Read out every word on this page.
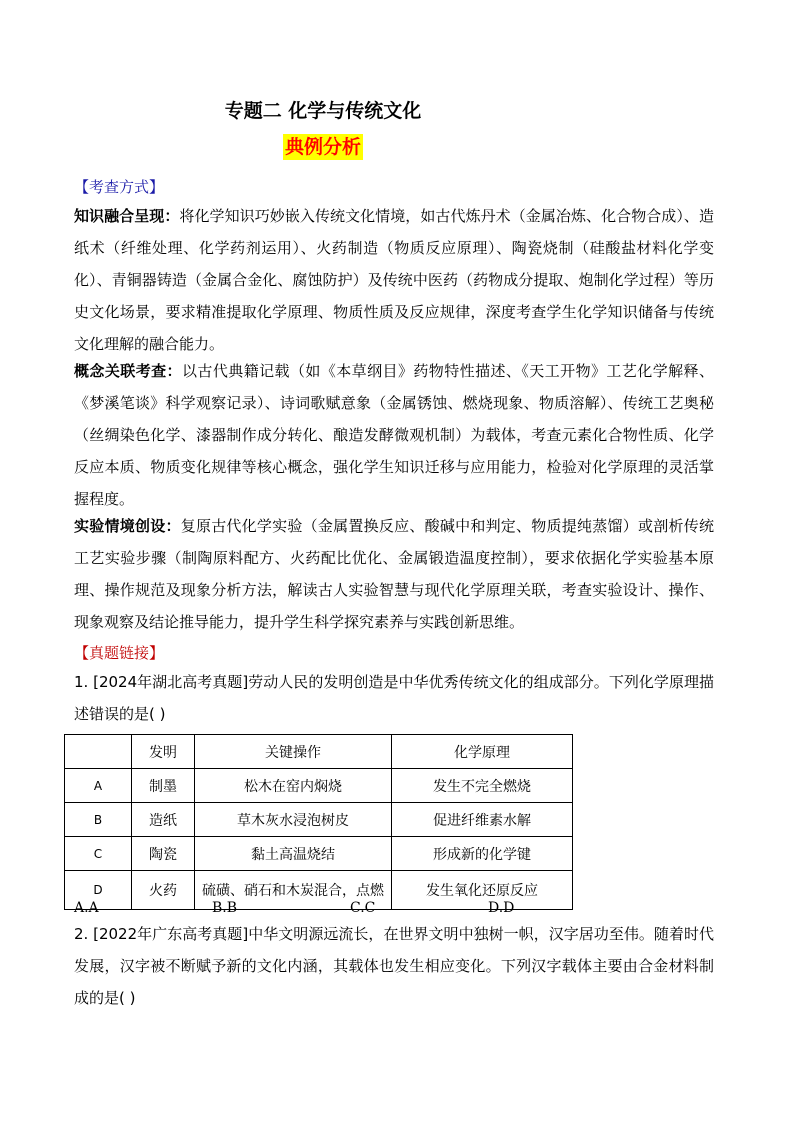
专题二 化学与传统文化
典例分析
【考查方式】
知识融合呈现：将化学知识巧妙嵌入传统文化情境，如古代炼丹术（金属冶炼、化合物合成）、造纸术（纤维处理、化学药剂运用）、火药制造（物质反应原理）、陶瓷烧制（硅酸盐材料化学变化）、青铜器铸造（金属合金化、腐蚀防护）及传统中医药（药物成分提取、炮制化学过程）等历史文化场景，要求精准提取化学原理、物质性质及反应规律，深度考查学生化学知识储备与传统文化理解的融合能力。
概念关联考查：以古代典籍记载（如《本草纲目》药物特性描述、《天工开物》工艺化学解释、《梦溪笔谈》科学观察记录）、诗词歌赋意象（金属锈蚀、燃烧现象、物质溶解）、传统工艺奥秘（丝绸染色化学、漆器制作成分转化、酿造发酵微观机制）为载体，考查元素化合物性质、化学反应本质、物质变化规律等核心概念，强化学生知识迁移与应用能力，检验对化学原理的灵活掌握程度。
实验情境创设：复原古代化学实验（金属置换反应、酸碱中和判定、物质提纯蒸馏）或剖析传统工艺实验步骤（制陶原料配方、火药配比优化、金属锻造温度控制），要求依据化学实验基本原理、操作规范及现象分析方法，解读古人实验智慧与现代化学原理关联，考查实验设计、操作、现象观察及结论推导能力，提升学生科学探究素养与实践创新思维。
【真题链接】
1. [2024年湖北高考真题]劳动人民的发明创造是中华优秀传统文化的组成部分。下列化学原理描述错误的是( )
A.A	B.B	C.C	D.D
2. [2022年广东高考真题]中华文明源远流长，在世界文明中独树一帜，汉字居功至伟。随着时代发展，汉字被不断赋予新的文化内涵，其载体也发生相应变化。下列汉字载体主要由合金材料制成的是( )
	发明	关键操作	化学原理
A	制墨	松木在窑内焖烧	发生不完全燃烧
B	造纸	草木灰水浸泡树皮	促进纤维素水解
C	陶瓷	黏土高温烧结	形成新的化学键
D	火药	硫磺、硝石和木炭混合，点燃	发生氧化还原反应
